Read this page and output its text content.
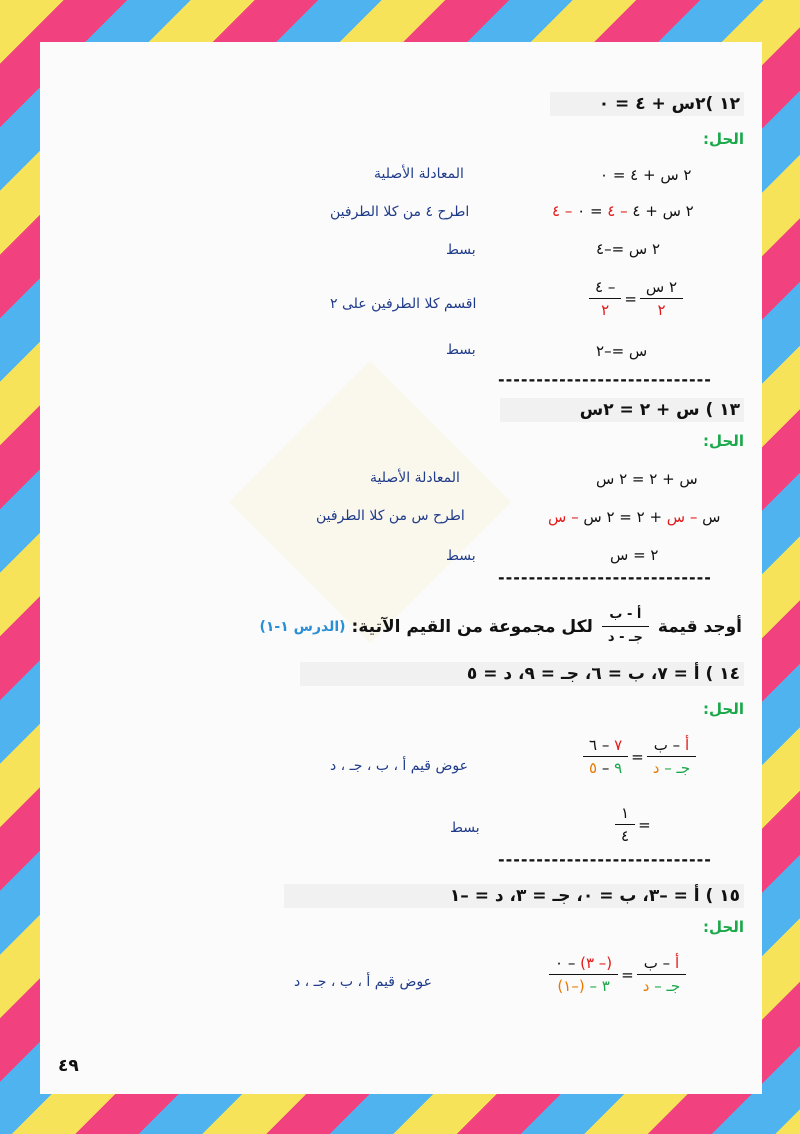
١٢ )٢س + ٤ = ٠
الحل:
٢ س + ٤ = ٠
المعادلة الأصلية
٢ س + ٤ – ٤ = ٠ – ٤
اطرح ٤ من كلا الطرفين
٢ س =–٤
بسط
$\frac{\text{٢ س}}{٢}$
=
$\frac{- ٤}{٢}$
اقسم كلا الطرفين على ٢
س =–٢
بسط
----------------------------
١٣ ) س + ٢ = ٢س
الحل:
س + ٢ = ٢ س
المعادلة الأصلية
س – س + ٢ = ٢ س – س
اطرح س من كلا الطرفين
٢ = س
بسط
----------------------------
أوجد قيمة
$\frac{\text{أ - ب}}{\text{جـ - د}}$
لكل مجموعة من القيم الآتية:
(الدرس ١-١)
١٤ ) أ = ٧، ب = ٦، جـ = ٩، د = ٥
الحل:
$\frac{\text{أ – ب}}{\text{جـ – د}}$
=
$\frac{٧ - ٦}{٩ - ٥}$
عوض قيم أ ، ب ، جـ ، د
=
$\frac{١}{٤}$
بسط
----------------------------
١٥ ) أ = –٣، ب = ٠، جـ = ٣، د = –١
الحل:
$\frac{\text{أ – ب}}{\text{جـ – د}}$
=
$\frac{(- ٣) - ٠}{٣ - (-١)}$
عوض قيم أ ، ب ، جـ ، د
٤٩
